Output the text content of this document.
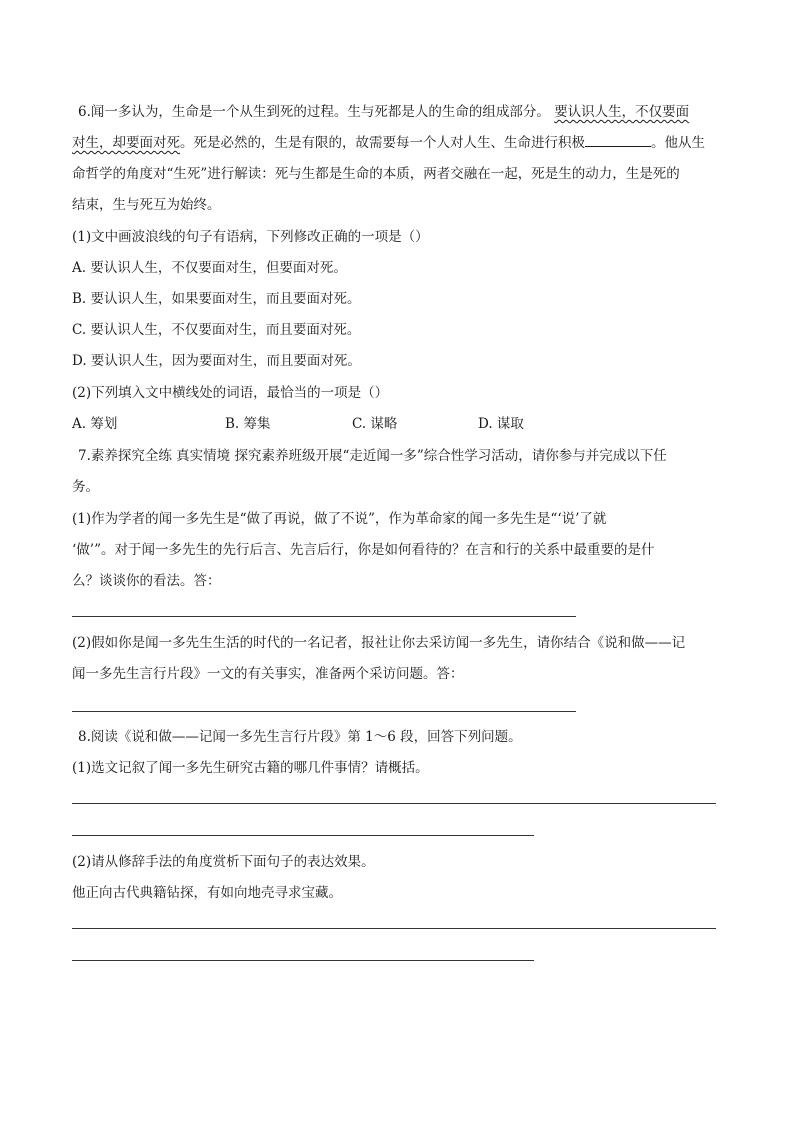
6.闻一多认为，生命是一个从生到死的过程。生与死都是人的生命的组成部分。 要认识人生，不仅要面
对生，却要面对死。死是必然的，生是有限的，故需要每一个人对人生、生命进行积极	。他从生
命哲学的角度对“生死”进行解读：死与生都是生命的本质，两者交融在一起，死是生的动力，生是死的
结束，生与死互为始终。
(1)文中画波浪线的句子有语病，下列修改正确的一项是（）
A. 要认识人生，不仅要面对生，但要面对死。
B. 要认识人生，如果要面对生，而且要面对死。
C. 要认识人生，不仅要面对生，而且要面对死。
D. 要认识人生，因为要面对生，而且要面对死。
(2)下列填入文中横线处的词语，最恰当的一项是（）
A. 筹划	B. 筹集	C. 谋略	D. 谋取
7.素养探究全练 真实情境 探究素养班级开展“走近闻一多”综合性学习活动，请你参与并完成以下任
务。
(1)作为学者的闻一多先生是“做了再说，做了不说”，作为革命家的闻一多先生是“‘说’了就
‘做’”。对于闻一多先生的先行后言、先言后行，你是如何看待的？在言和行的关系中最重要的是什
么？谈谈你的看法。答：
(2)假如你是闻一多先生生活的时代的一名记者，报社让你去采访闻一多先生，请你结合《说和做——记
闻一多先生言行片段》一文的有关事实，准备两个采访问题。答：
8.阅读《说和做——记闻一多先生言行片段》第 1～6 段，回答下列问题。
(1)选文记叙了闻一多先生研究古籍的哪几件事情？请概括。
(2)请从修辞手法的角度赏析下面句子的表达效果。
他正向古代典籍钻探，有如向地壳寻求宝藏。
